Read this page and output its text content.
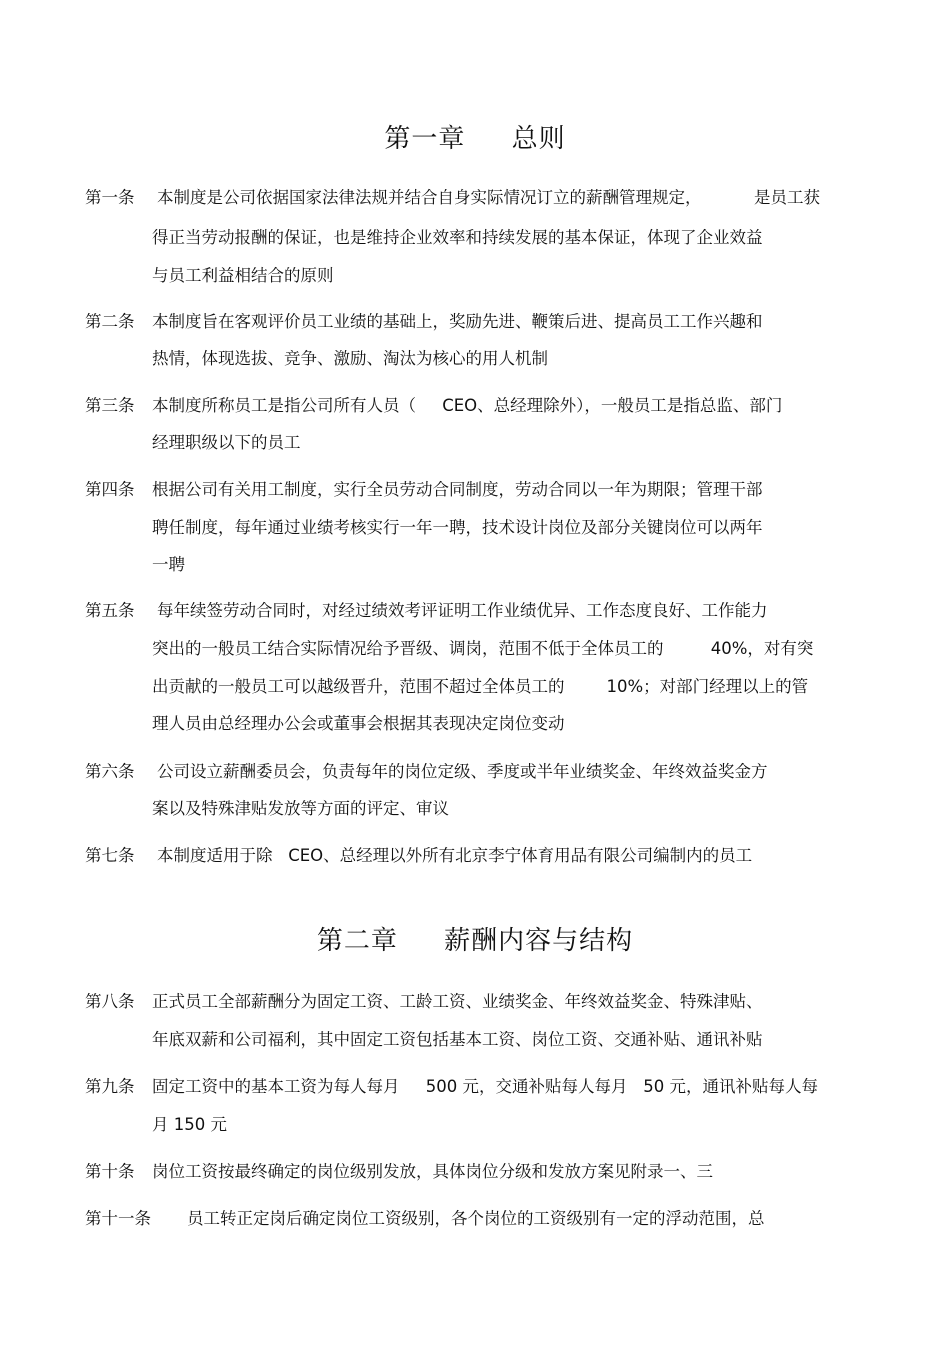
第一章     总则
第一条 本制度是公司依据国家法律法规并结合自身实际情况订立的薪酬管理规定，          是员工获
得正当劳动报酬的保证，也是维持企业效率和持续发展的基本保证，体现了企业效益
与员工利益相结合的原则
第二条 本制度旨在客观评价员工业绩的基础上，奖励先进、鞭策后进、提高员工工作兴趣和
热情，体现选拔、竞争、激励、淘汰为核心的用人机制
第三条 本制度所称员工是指公司所有人员（     CEO、总经理除外），一般员工是指总监、部门
经理职级以下的员工
第四条 根据公司有关用工制度，实行全员劳动合同制度，劳动合同以一年为期限；管理干部
聘任制度，每年通过业绩考核实行一年一聘，技术设计岗位及部分关键岗位可以两年
一聘
第五条 每年续签劳动合同时，对经过绩效考评证明工作业绩优异、工作态度良好、工作能力
突出的一般员工结合实际情况给予晋级、调岗，范围不低于全体员工的         40%，对有突
出贡献的一般员工可以越级晋升，范围不超过全体员工的        10%；对部门经理以上的管
理人员由总经理办公会或董事会根据其表现决定岗位变动
第六条 公司设立薪酬委员会，负责每年的岗位定级、季度或半年业绩奖金、年终效益奖金方
案以及特殊津贴发放等方面的评定、审议
第七条 本制度适用于除   CEO、总经理以外所有北京李宁体育用品有限公司编制内的员工
第二章     薪酬内容与结构
第八条 正式员工全部薪酬分为固定工资、工龄工资、业绩奖金、年终效益奖金、特殊津贴、
年底双薪和公司福利，其中固定工资包括基本工资、岗位工资、交通补贴、通讯补贴
第九条 固定工资中的基本工资为每人每月     500 元，交通补贴每人每月   50 元，通讯补贴每人每
月 150 元
第十条 岗位工资按最终确定的岗位级别发放，具体岗位分级和发放方案见附录一、三
第十一条 员工转正定岗后确定岗位工资级别，各个岗位的工资级别有一定的浮动范围，总
